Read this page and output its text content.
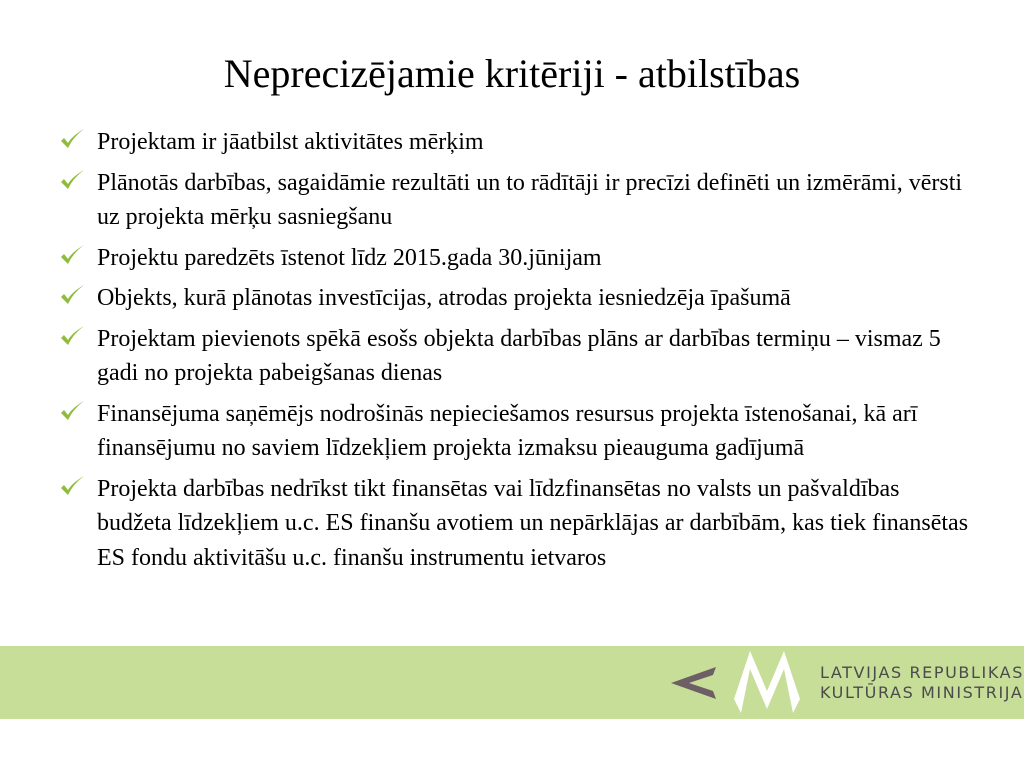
Neprecizējamie kritēriji - atbilstības
Projektam ir jāatbilst aktivitātes mērķim
Plānotās darbības, sagaidāmie rezultāti un to rādītāji ir precīzi definēti un izmērāmi, vērsti uz projekta mērķu sasniegšanu
Projektu paredzēts īstenot līdz 2015.gada 30.jūnijam
Objekts, kurā plānotas investīcijas, atrodas projekta iesniedzēja īpašumā
Projektam pievienots spēkā esošs objekta darbības plāns ar darbības termiņu – vismaz 5 gadi no projekta pabeigšanas dienas
Finansējuma saņēmējs nodrošinās nepieciešamos resursus projekta īstenošanai, kā arī finansējumu no saviem līdzekļiem projekta izmaksu pieauguma gadījumā
Projekta darbības nedrīkst tikt finansētas vai līdzfinansētas no valsts un pašvaldības budžeta līdzekļiem u.c. ES finanšu avotiem un nepārklājas ar darbībām, kas tiek finansētas ES fondu aktivitāšu u.c. finanšu instrumentu ietvaros
LATVIJAS REPUBLIKAS
KULTŪRAS MINISTRIJA
